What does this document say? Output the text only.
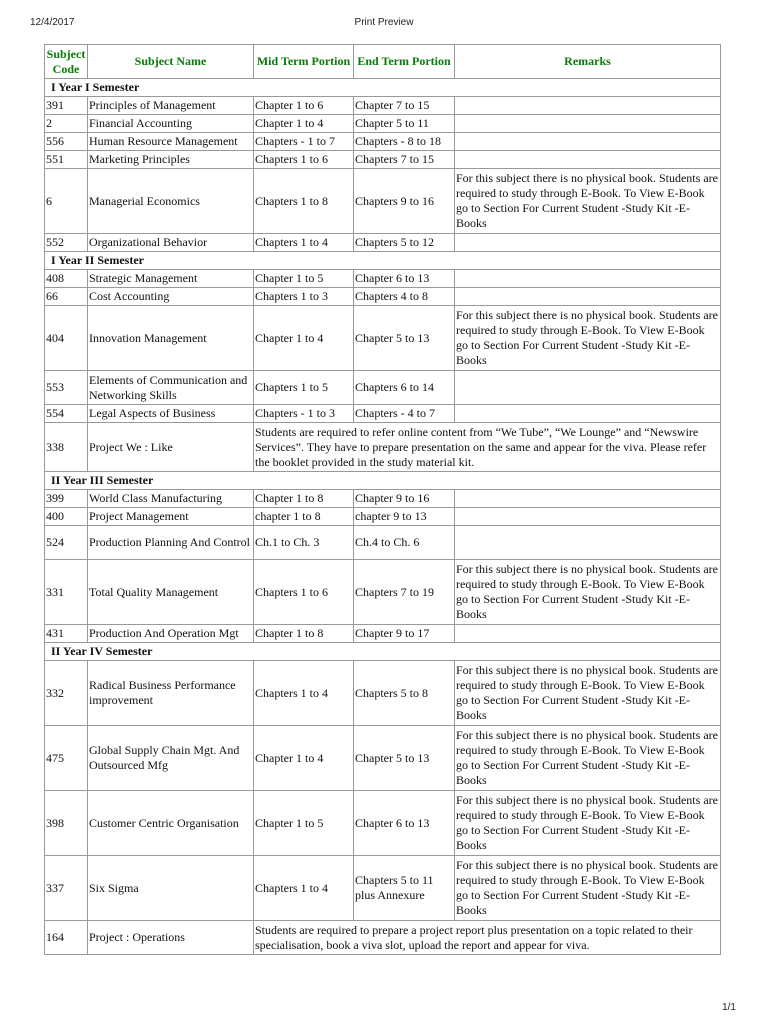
12/4/2017	Print Preview
Subject Code	Subject Name	Mid Term Portion	End Term Portion	Remarks
I Year I Semester				
391	Principles of Management	Chapter 1 to 6	Chapter 7 to 15	
2	Financial Accounting	Chapter 1 to 4	Chapter 5 to 11	
556	Human Resource Management	Chapters - 1 to 7	Chapters - 8 to 18	
551	Marketing Principles	Chapters 1 to 6	Chapters 7 to 15	
6	Managerial Economics	Chapters 1 to 8	Chapters 9 to 16	For this subject there is no physical book. Students are required to study through E-Book. To View E-Book go to Section For Current Student -Study Kit -E-Books
552	Organizational Behavior	Chapters 1 to 4	Chapters 5 to 12	
I Year II Semester				
408	Strategic Management	Chapter 1 to 5	Chapter 6 to 13	
66	Cost Accounting	Chapters 1 to 3	Chapters 4 to 8	
404	Innovation Management	Chapter 1 to 4	Chapter 5 to 13	For this subject there is no physical book. Students are required to study through E-Book. To View E-Book go to Section For Current Student -Study Kit -E-Books
553	Elements of Communication and Networking Skills	Chapters 1 to 5	Chapters 6 to 14	
554	Legal Aspects of Business	Chapters - 1 to 3	Chapters - 4 to 7	
338	Project We : Like	Students are required to refer online content from “We Tube”, “We Lounge” and “Newswire Services”. They have to prepare presentation on the same and appear for the viva. Please refer the booklet provided in the study material kit.		
II Year III Semester				
399	World Class Manufacturing	Chapter 1 to 8	Chapter 9 to 16	
400	Project Management	chapter 1 to 8	chapter 9 to 13	
524	Production Planning And Control	Ch.1 to Ch. 3	Ch.4 to Ch. 6	
331	Total Quality Management	Chapters 1 to 6	Chapters 7 to 19	For this subject there is no physical book. Students are required to study through E-Book. To View E-Book go to Section For Current Student -Study Kit -E-Books
431	Production And Operation Mgt	Chapter 1 to 8	Chapter 9 to 17	
II Year IV Semester				
332	Radical Business Performance improvement	Chapters 1 to 4	Chapters 5 to 8	For this subject there is no physical book. Students are required to study through E-Book. To View E-Book go to Section For Current Student -Study Kit -E-Books
475	Global Supply Chain Mgt. And Outsourced Mfg	Chapter 1 to 4	Chapter 5 to 13	For this subject there is no physical book. Students are required to study through E-Book. To View E-Book go to Section For Current Student -Study Kit -E-Books
398	Customer Centric Organisation	Chapter 1 to 5	Chapter 6 to 13	For this subject there is no physical book. Students are required to study through E-Book. To View E-Book go to Section For Current Student -Study Kit -E-Books
337	Six Sigma	Chapters 1 to 4	Chapters 5 to 11 plus Annexure	For this subject there is no physical book. Students are required to study through E-Book. To View E-Book go to Section For Current Student -Study Kit -E-Books
164	Project : Operations	Students are required to prepare a project report plus presentation on a topic related to their specialisation, book a viva slot, upload the report and appear for viva.		
1/1
